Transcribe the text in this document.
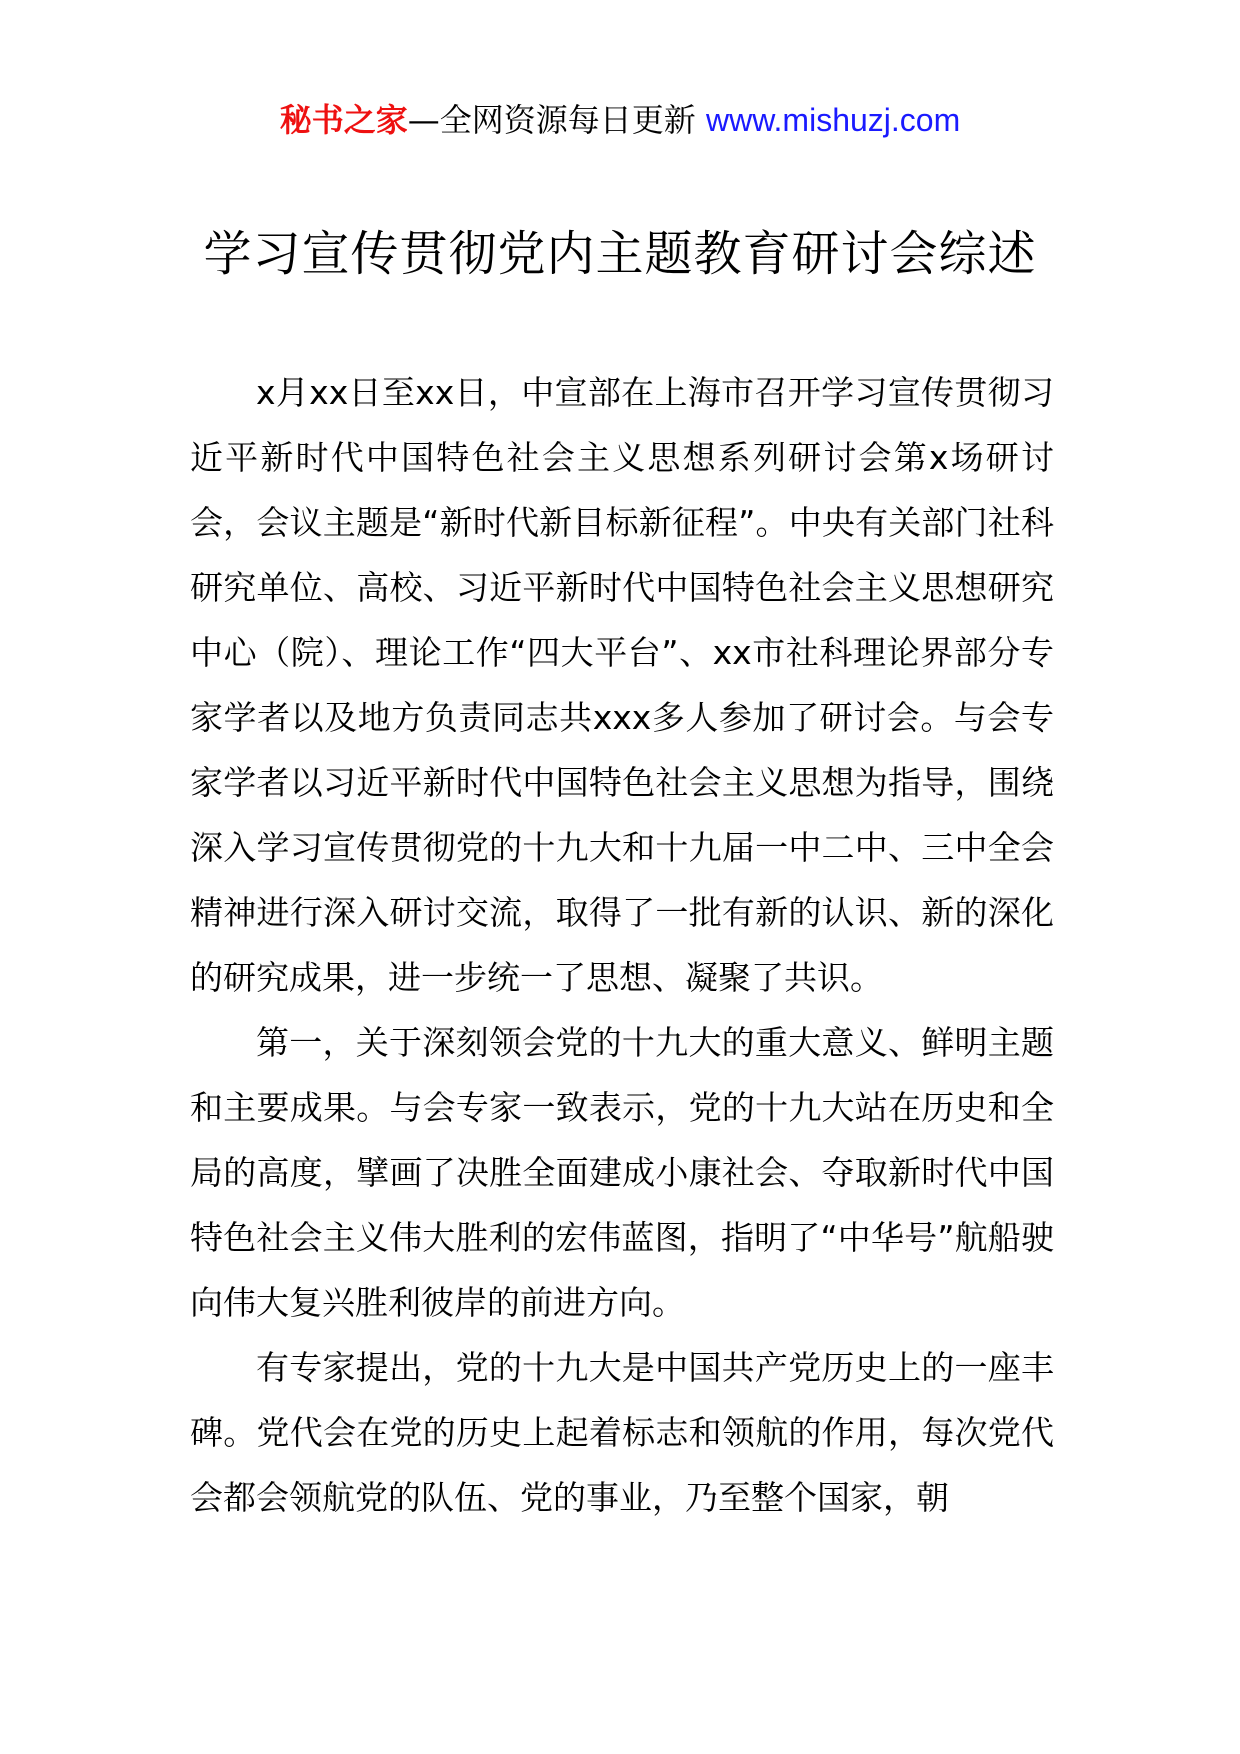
秘书之家—全网资源每日更新 www.mishuzj.com
学习宣传贯彻党内主题教育研讨会综述

x月xx日至xx日，中宣部在上海市召开学习宣传贯彻习近平新时代中国特色社会主义思想系列研讨会第x场研讨会，会议主题是“新时代新目标新征程”。中央有关部门社科研究单位、高校、习近平新时代中国特色社会主义思想研究中心（院）、理论工作“四大平台”、xx市社科理论界部分专家学者以及地方负责同志共xxx多人参加了研讨会。与会专家学者以习近平新时代中国特色社会主义思想为指导，围绕深入学习宣传贯彻党的十九大和十九届一中二中、三中全会精神进行深入研讨交流，取得了一批有新的认识、新的深化的研究成果，进一步统一了思想、凝聚了共识。

第一，关于深刻领会党的十九大的重大意义、鲜明主题和主要成果。与会专家一致表示，党的十九大站在历史和全局的高度，擘画了决胜全面建成小康社会、夺取新时代中国特色社会主义伟大胜利的宏伟蓝图，指明了“中华号”航船驶向伟大复兴胜利彼岸的前进方向。

有专家提出，党的十九大是中国共产党历史上的一座丰碑。党代会在党的历史上起着标志和领航的作用，每次党代会都会领航党的队伍、党的事业，乃至整个国家，朝
